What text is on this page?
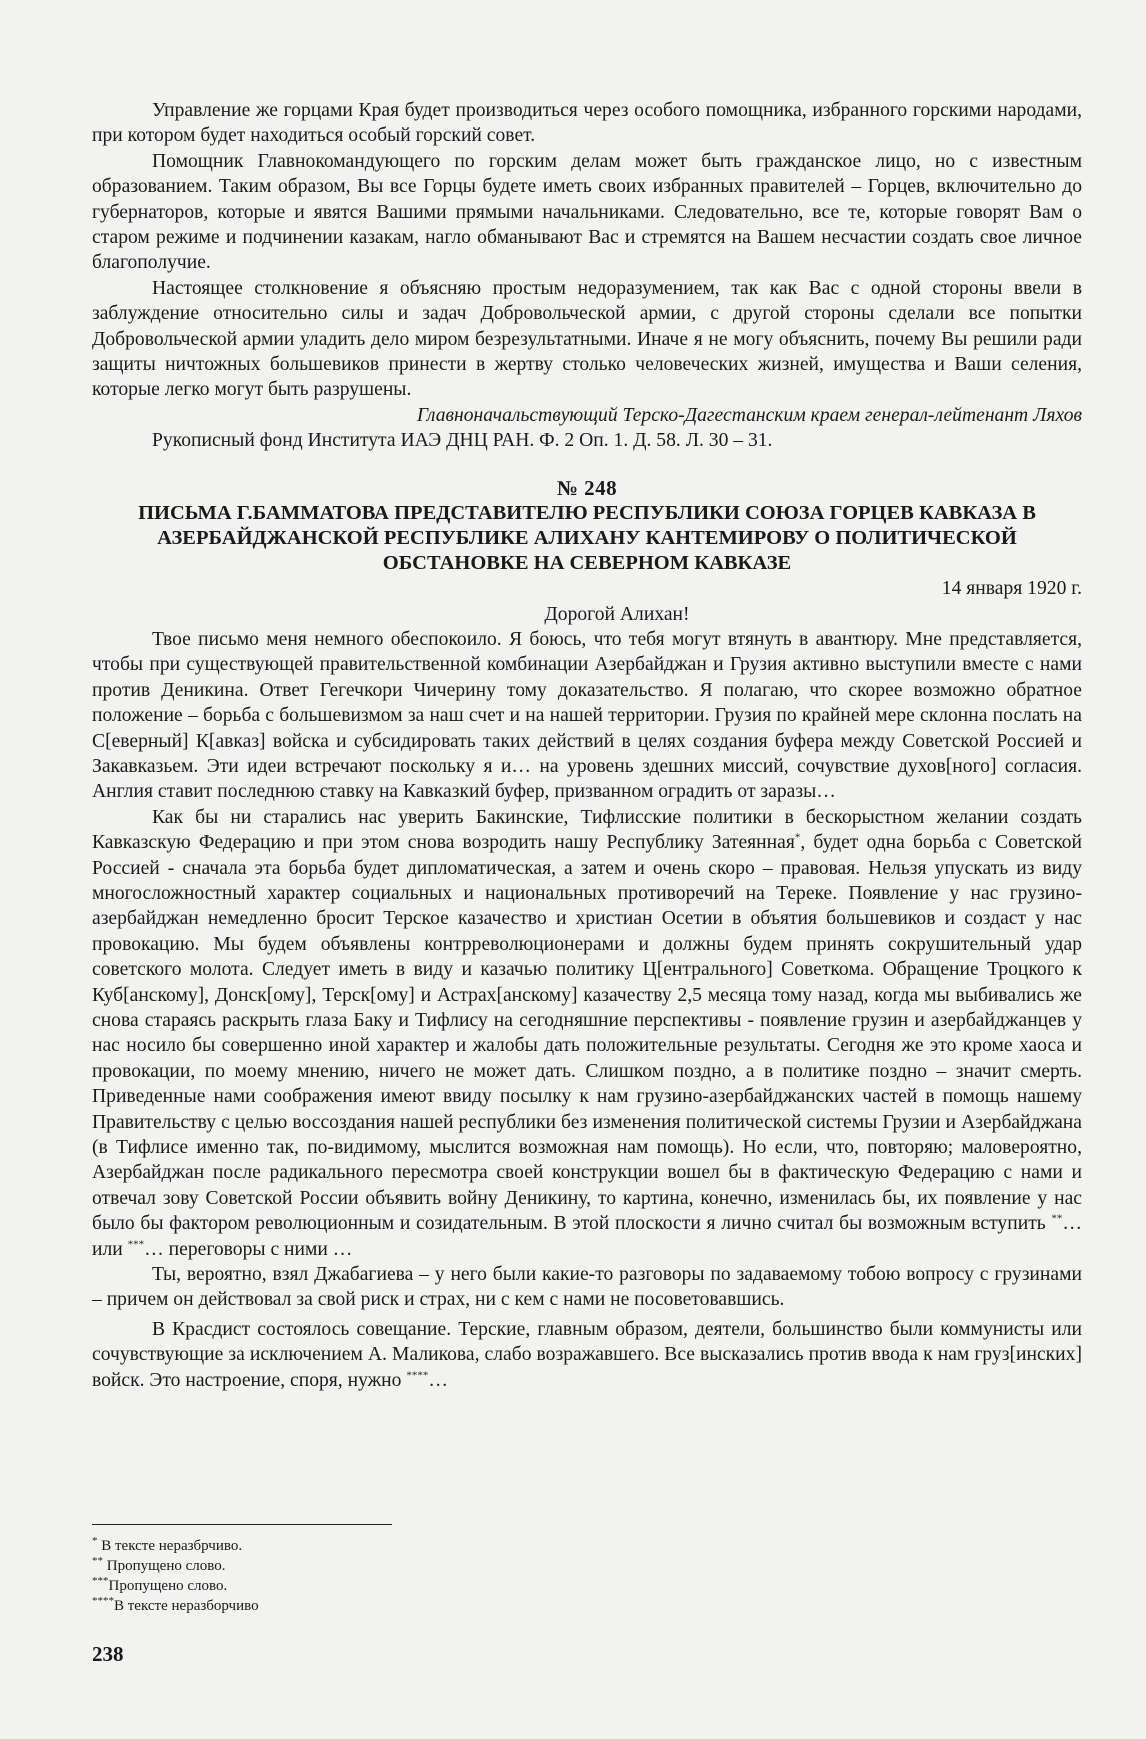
Управление же горцами Края будет производиться через особого помощника, избранного горскими народами, при котором будет находиться особый горский совет.

Помощник Главнокомандующего по горским делам может быть гражданское лицо, но с известным образованием. Таким образом, Вы все Горцы будете иметь своих избранных правителей – Горцев, включительно до губернаторов, которые и явятся Вашими прямыми начальниками. Следовательно, все те, которые говорят Вам о старом режиме и подчинении казакам, нагло обманывают Вас и стремятся на Вашем несчастии создать свое личное благополучие.

Настоящее столкновение я объясняю простым недоразумением, так как Вас с одной стороны ввели в заблуждение относительно силы и задач Добровольческой армии, с другой стороны сделали все попытки Добровольческой армии уладить дело миром безрезультатными. Иначе я не могу объяснить, почему Вы решили ради защиты ничтожных большевиков принести в жертву столько человеческих жизней, имущества и Ваши селения, которые легко могут быть разрушены.

Главноначальствующий Терско-Дагестанским краем генерал-лейтенант Ляхов

Рукописный фонд Института ИАЭ ДНЦ РАН. Ф. 2 Оп. 1. Д. 58. Л. 30 – 31.

№ 248
ПИСЬМА Г.БАММАТОВА ПРЕДСТАВИТЕЛЮ РЕСПУБЛИКИ СОЮЗА ГОРЦЕВ КАВКАЗА В АЗЕРБАЙДЖАНСКОЙ РЕСПУБЛИКЕ АЛИХАНУ КАНТЕМИРОВУ О ПОЛИТИЧЕСКОЙ ОБСТАНОВКЕ НА СЕВЕРНОМ КАВКАЗЕ

14 января 1920 г.

Дорогой Алихан!

Твое письмо меня немного обеспокоило. Я боюсь, что тебя могут втянуть в авантюру. Мне представляется, чтобы при существующей правительственной комбинации Азербайджан и Грузия активно выступили вместе с нами против Деникина. Ответ Гегечкори Чичерину тому доказательство. Я полагаю, что скорее возможно обратное положение – борьба с большевизмом за наш счет и на нашей территории. Грузия по крайней мере склонна послать на С[еверный] К[авказ] войска и субсидировать таких действий в целях создания буфера между Советской Россией и Закавказьем. Эти идеи встречают поскольку я и… на уровень здешних миссий, сочувствие духов[ного] согласия. Англия ставит последнюю ставку на Кавказкий буфер, призванном оградить от заразы…

Как бы ни старались нас уверить Бакинские, Тифлисские политики в бескорыстном желании создать Кавказскую Федерацию и при этом снова возродить нашу Республику Затеянная*, будет одна борьба с Советской Россией - сначала эта борьба будет дипломатическая, а затем и очень скоро – правовая. Нельзя упускать из виду многосложностный характер социальных и национальных противоречий на Тереке. Появление у нас грузино-азербайджан немедленно бросит Терское казачество и христиан Осетии в объятия большевиков и создаст у нас провокацию. Мы будем объявлены контрреволюционерами и должны будем принять сокрушительный удар советского молота. Следует иметь в виду и казачью политику Ц[ентрального] Советкома. Обращение Троцкого к Куб[анскому], Донск[ому], Терск[ому] и Астрах[анскому] казачеству 2,5 месяца тому назад, когда мы выбивались же снова стараясь раскрыть глаза Баку и Тифлису на сегодняшние перспективы - появление грузин и азербайджанцев у нас носило бы совершенно иной характер и жалобы дать положительные результаты. Сегодня же это кроме хаоса и провокации, по моему мнению, ничего не может дать. Слишком поздно, а в политике поздно – значит смерть. Приведенные нами соображения имеют ввиду посылку к нам грузино-азербайджанских частей в помощь нашему Правительству с целью воссоздания нашей республики без изменения политической системы Грузии и Азербайджана (в Тифлисе именно так, по-видимому, мыслится возможная нам помощь). Но если, что, повторяю; маловероятно, Азербайджан после радикального пересмотра своей конструкции вошел бы в фактическую Федерацию с нами и отвечал зову Советской России объявить войну Деникину, то картина, конечно, изменилась бы, их появление у нас было бы фактором революционным и созидательным. В этой плоскости я лично считал бы возможным вступить **… или ***… переговоры с ними …

Ты, вероятно, взял Джабагиева – у него были какие-то разговоры по задаваемому тобою вопросу с грузинами – причем он действовал за свой риск и страх, ни с кем с нами не посоветовавшись.

В Красдист состоялось совещание. Терские, главным образом, деятели, большинство были коммунисты или сочувствующие за исключением А. Маликова, слабо возражавшего. Все высказались против ввода к нам груз[инских] войск. Это настроение, споря, нужно ****…

* В тексте неразбрчиво.
** Пропущено слово.
***Пропущено слово.
****В тексте неразборчиво
238
